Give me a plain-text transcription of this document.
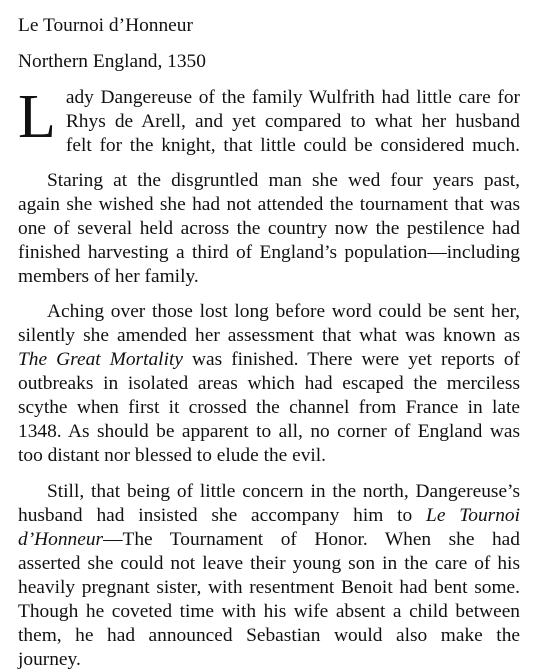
Le Tournoi d’Honneur
Northern England, 1350
L ady Dangereuse of the family Wulfrith had little care for
Rhys de Arell, and yet compared to what her husband
felt for the knight, that little could be considered much.
Staring at the disgruntled man she wed four years past,
again she wished she had not attended the tournament that was
one of several held across the country now the pestilence had
finished harvesting a third of England’s population—including
members of her family.
Aching over those lost long before word could be sent her,
silently she amended her assessment that what was known as
The Great Mortality was finished. There were yet reports of
outbreaks in isolated areas which had escaped the merciless
scythe when first it crossed the channel from France in late
1348. As should be apparent to all, no corner of England was
too distant nor blessed to elude the evil.
Still, that being of little concern in the north, Dangereuse’s
husband had insisted she accompany him to Le Tournoi
d’Honneur—The Tournament of Honor. When she had
asserted she could not leave their young son in the care of his
heavily pregnant sister, with resentment Benoit had bent some.
Though he coveted time with his wife absent a child between
them, he had announced Sebastian would also make the
journey.
